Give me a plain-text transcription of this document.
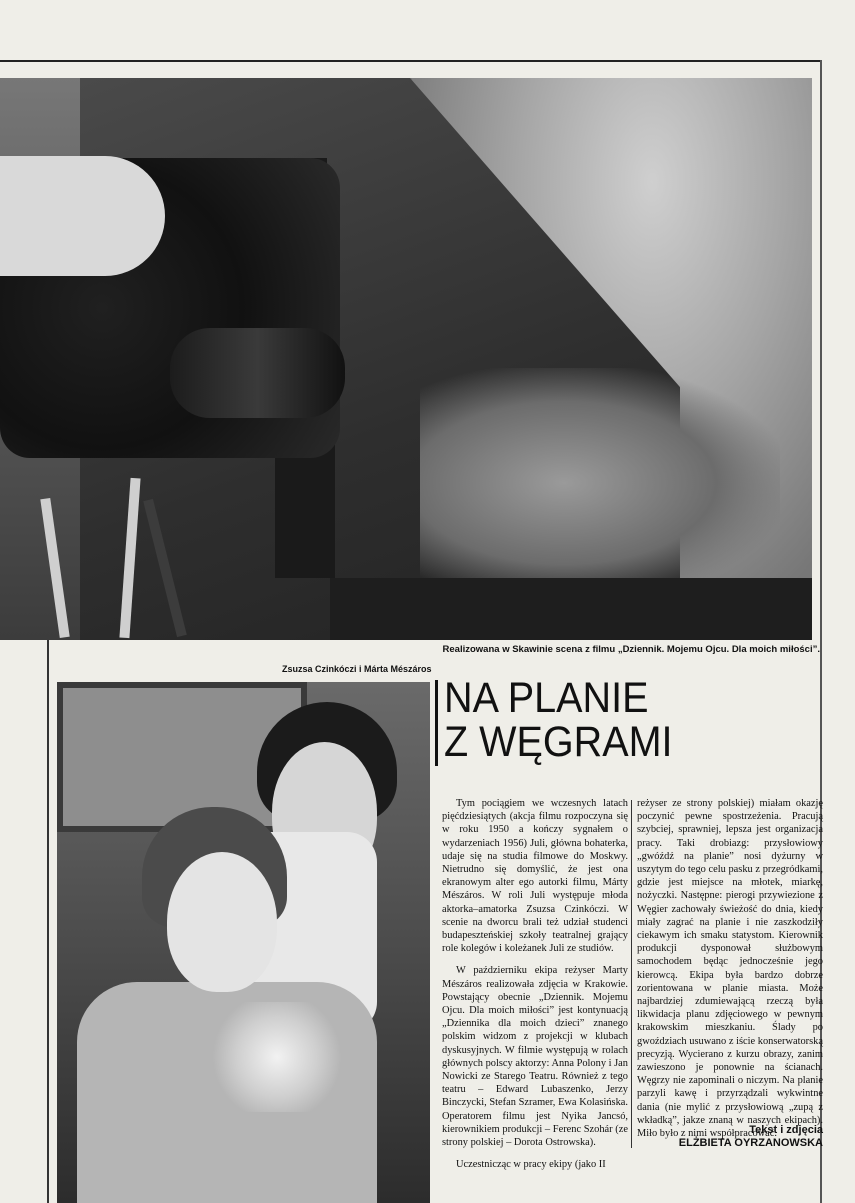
Realizowana w Skawinie scena z filmu „Dziennik. Mojemu Ojcu. Dla moich miłości”.
Zsuzsa Czinkóczi i Márta Mészáros
NA PLANIE
Z WĘGRAMI

Tym pociągiem we wczesnych latach pięćdziesiątych (akcja filmu rozpoczyna się w roku 1950 a kończy sygnałem o wydarzeniach 1956) Juli, główna bohaterka, udaje się na studia filmowe do Moskwy. Nietrudno się domyślić, że jest ona ekranowym alter ego autorki filmu, Márty Mészáros. W roli Juli występuje młoda aktorka–amatorka Zsuzsa Czinkóczi. W scenie na dworcu brali też udział studenci budapeszteńskiej szkoły teatralnej grający role kolegów i koleżanek Juli ze studiów.

W październiku ekipa reżyser Marty Mészáros realizowała zdjęcia w Krakowie. Powstający obecnie „Dziennik. Mojemu Ojcu. Dla moich miłości” jest kontynuacją „Dziennika dla moich dzieci” znanego polskim widzom z projekcji w klubach dyskusyjnych. W filmie występują w rolach głównych polscy aktorzy: Anna Polony i Jan Nowicki ze Starego Teatru. Również z tego teatru – Edward Lubaszenko, Jerzy Binczycki, Stefan Szramer, Ewa Kolasińska. Operatorem filmu jest Nyika Jancsó, kierownikiem produkcji – Ferenc Szohár (ze strony polskiej – Dorota Ostrowska).

Uczestnicząc w pracy ekipy (jako II

reżyser ze strony polskiej) miałam okazję poczynić pewne spostrzeżenia. Pracują szybciej, sprawniej, lepsza jest organizacja pracy. Taki drobiazg: przysłowiowy „gwóźdź na planie” nosi dyżurny w uszytym do tego celu pasku z przegródkami, gdzie jest miejsce na młotek, miarkę, nożyczki. Następne: pierogi przywiezione z Węgier zachowały świeżość do dnia, kiedy miały zagrać na planie i nie zaszkodziły ciekawym ich smaku statystom. Kierownik produkcji dysponował służbowym samochodem będąc jednocześnie jego kierowcą. Ekipa była bardzo dobrze zorientowana w planie miasta. Może najbardziej zdumiewającą rzeczą była likwidacja planu zdjęciowego w pewnym krakowskim mieszkaniu. Ślady po gwoździach usuwano z iście konserwatorską precyzją. Wycierano z kurzu obrazy, zanim zawieszono je ponownie na ścianach. Węgrzy nie zapominali o niczym. Na planie parzyli kawę i przyrządzali wykwintne dania (nie mylić z przysłowiową „zupą z wkładką”, jakze znaną w naszych ekipach). Miło było z nimi współpracować.

Tekst i zdjęcia
ELŻBIETA OYRZANOWSKA
